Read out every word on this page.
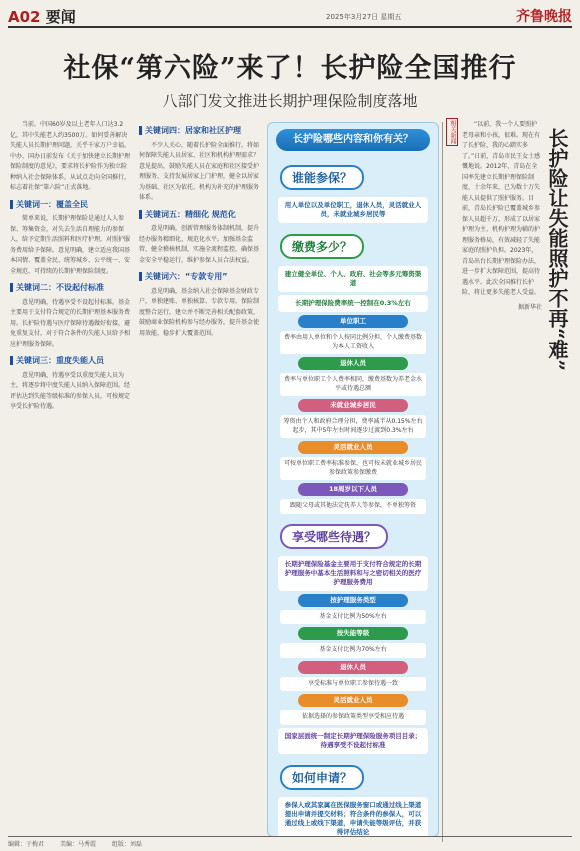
A02 要闻	2025年3月27日 星期五	齐鲁晚报
社保“第六险”来了！长护险全国推行
八部门发文推进长期护理保险制度落地

当前，中国60岁及以上老年人口达3.2亿，其中失能老人约3500万。如何妥善解决失能人员长期护理问题，关乎千家万户幸福。中办、国办日前发布《关于加快建立长期护理保险制度的意见》，要求将长护险作为独立险种纳入社会保障体系，从试点走向全国推行，标志着社保“第六险”正式落地。

关键词一：覆盖全民

简单来说，长期护理保险是通过人人参保、筹集资金，对失去生活自理能力的参保人，给予定期生活照料和医疗护理，对照护服务费用给予保障。意见明确，建立适应我国基本国情、覆盖全民、统筹城乡、公平统一、安全规范、可持续的长期护理保险制度。

关键词二：不设起付标准

意见明确，待遇享受不设起付标准。基金主要用于支付符合规定的长期护理基本服务费用。长护险待遇与医疗保障待遇做好衔接，避免重复支付，对于符合条件的失能人员给予相应护理服务保障。

关键词三：重度失能人员

意见明确，待遇享受以重度失能人员为主，将逐步将中度失能人员纳入保障范围。经评估达到失能等级标准的参保人员，可按规定享受长护险待遇。

关键词四：居家和社区护理

不少人关心，随着长护险全面推行，将如何保障失能人员居家、社区和机构护理需求？意见提出，鼓励失能人员在家庭和社区接受护理服务，支持发展居家上门护理，健全以居家为基础、社区为依托、机构为补充的护理服务体系。

关键词五：精细化 规范化

意见明确，创新管理服务体制机制，提升经办服务精细化、规范化水平。加强基金监管，健全稽核机制，实施全流程监控，确保基金安全平稳运行，维护参保人员合法权益。

关键词六：“专款专用”

意见明确，基金纳入社会保障基金财政专户，单独建账、单独核算、专款专用。保险制度整合运行，建立并不断完善相关配套政策，鼓励商业保险机构参与经办服务，提升基金使用效能，稳步扩大覆盖范围。

长护险哪些内容和你有关？
谁能参保？
用人单位以及单位职工，退休人员，灵活就业人员，未就业城乡居民等
缴费多少？
建立健全单位、个人、政府、社会等多元筹资渠道
长期护理保险费率统一控制在0.3%左右
单位职工
费率由用人单位和个人按同比例分担，个人缴费基数为本人工资收入
退休人员
费率与单位职工个人费率相同，缴费基数为养老金水平或待遇总额
未就业城乡居民
筹资由个人和政府合理分担，费率减半从0.15%左右起步，其中5年左右时间逐步过渡到0.3%左右
灵活就业人员
可按单位职工费率标准参保，也可按未就业城乡居民参保政策参保缴费
18周岁以下人员
跟随父母或其他法定抚养人等参保，不单独筹资
享受哪些待遇？
长期护理保险基金主要用于支付符合规定的长期护理服务中基本生活照料和与之密切相关的医疗护理服务费用
按护理服务类型
基金支付比例为50%左右
按失能等级
基金支付比例为70%左右
退休人员
享受标准与单位职工参保待遇一致
灵活就业人员
依据选择的参保政策类型享受相应待遇
国家层面统一制定长期护理保险服务项目目录；待遇享受不设起付标准
如何申请？
参保人或其家属在医保服务窗口或通过线上渠道提出申请并提交材料；符合条件的参保人，可以通过线上或线下渠道，申请失能等级评估，并获得评估结论
相关新闻	“以前，我一个人要照护老母亲和小孩，很难。现在有了长护险，我的心踏实多了。”日前，青岛市民王女士感慨地说。2012年，青岛在全国率先建立长期护理保险制度，十余年来，已为数十万失能人员提供了照护服务。目前，青岛长护险已覆盖城乡参保人员超千万，形成了以居家护理为主、机构护理为辅的护理服务格局，有效减轻了失能家庭的照护负担。2023年，青岛出台长期护理保险办法，进一步扩大保障范围，提高待遇水平。此次全国推行长护险，将让更多失能老人受益。

据新华社 长护险让失能照护不再“难”
编辑：于梅君	美编：马秀霞	组版：刘磊
